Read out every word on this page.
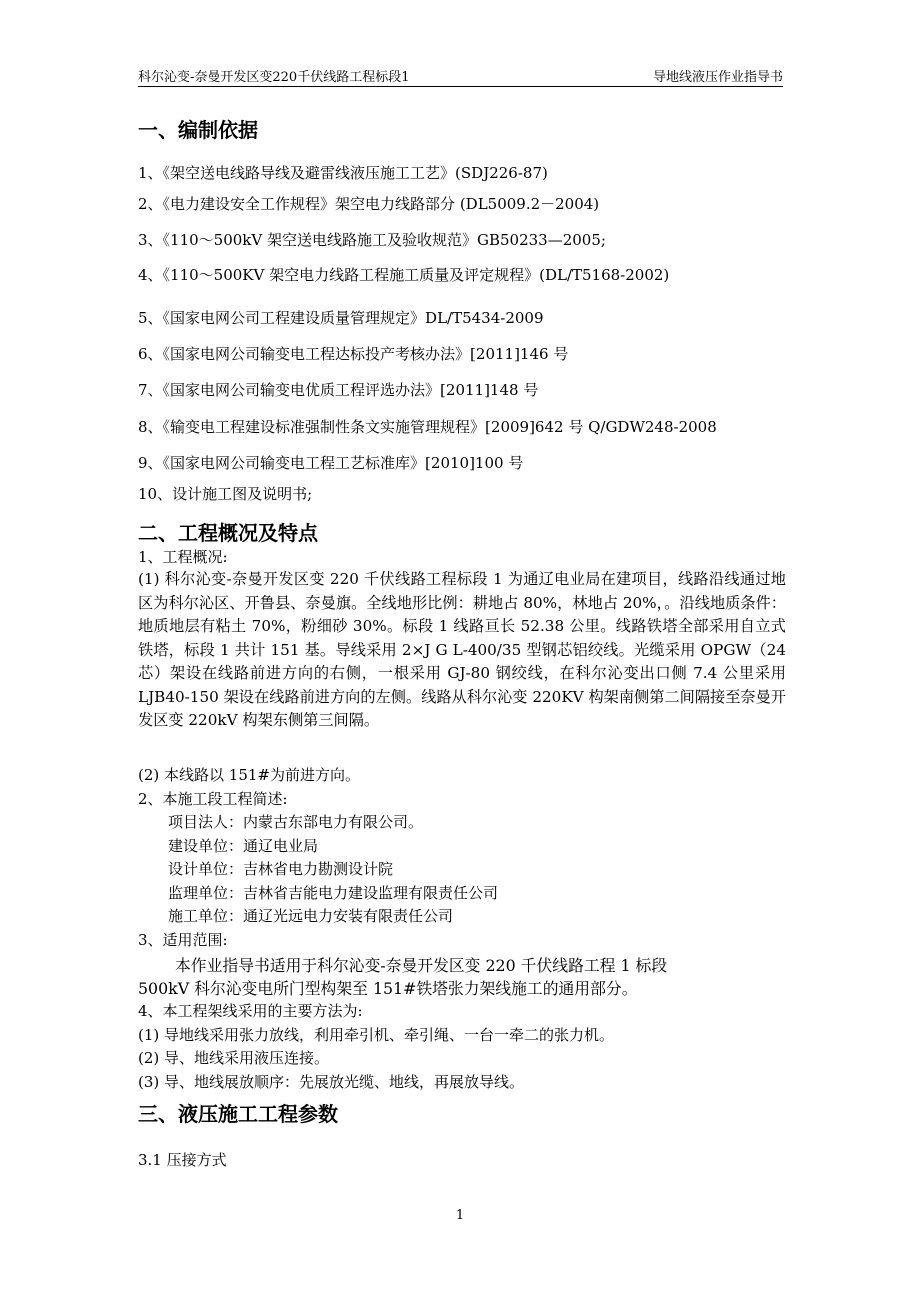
科尔沁变-奈曼开发区变220千伏线路工程标段1	导地线液压作业指导书
一、编制依据
1、《架空送电线路导线及避雷线液压施工工艺》(SDJ226-87)
2、《电力建设安全工作规程》架空电力线路部分 (DL5009.2－2004)
3、《110～500kV 架空送电线路施工及验收规范》GB50233—2005;
4、《110～500KV 架空电力线路工程施工质量及评定规程》(DL/T5168-2002)
5、《国家电网公司工程建设质量管理规定》DL/T5434-2009
6、《国家电网公司输变电工程达标投产考核办法》[2011]146 号
7、《国家电网公司输变电优质工程评选办法》[2011]148 号
8、《输变电工程建设标准强制性条文实施管理规程》[2009]642 号 Q/GDW248-2008
9、《国家电网公司输变电工程工艺标准库》[2010]100 号
10、设计施工图及说明书;
二、工程概况及特点
1、工程概况:
(1) 科尔沁变-奈曼开发区变 220 千伏线路工程标段 1 为通辽电业局在建项目，线路沿线通过地区为科尔沁区、开鲁县、奈曼旗。全线地形比例：耕地占 80%，林地占 20%，。沿线地质条件：地质地层有粘土 70%，粉细砂 30%。标段 1 线路亘长 52.38 公里。线路铁塔全部采用自立式铁塔，标段 1 共计 151 基。导线采用 2×J G L-400/35 型钢芯铝绞线。光缆采用 OPGW（24 芯）架设在线路前进方向的右侧，一根采用 GJ-80 钢绞线，在科尔沁变出口侧 7.4 公里采用 LJB40-150 架设在线路前进方向的左侧。线路从科尔沁变 220KV 构架南侧第二间隔接至奈曼开发区变 220kV 构架东侧第三间隔。
(2) 本线路以 151#为前进方向。
2、本施工段工程简述:
项目法人：内蒙古东部电力有限公司。
建设单位：通辽电业局
设计单位：吉林省电力勘测设计院
监理单位：吉林省吉能电力建设监理有限责任公司
施工单位：通辽光远电力安装有限责任公司
3、适用范围:
本作业指导书适用于科尔沁变-奈曼开发区变 220 千伏线路工程 1 标段
500kV 科尔沁变电所门型构架至 151#铁塔张力架线施工的通用部分。
4、本工程架线采用的主要方法为:
(1) 导地线采用张力放线，利用牵引机、牵引绳、一台一牵二的张力机。
(2) 导、地线采用液压连接。
(3) 导、地线展放顺序：先展放光缆、地线，再展放导线。
三、液压施工工程参数
3.1 压接方式
1
